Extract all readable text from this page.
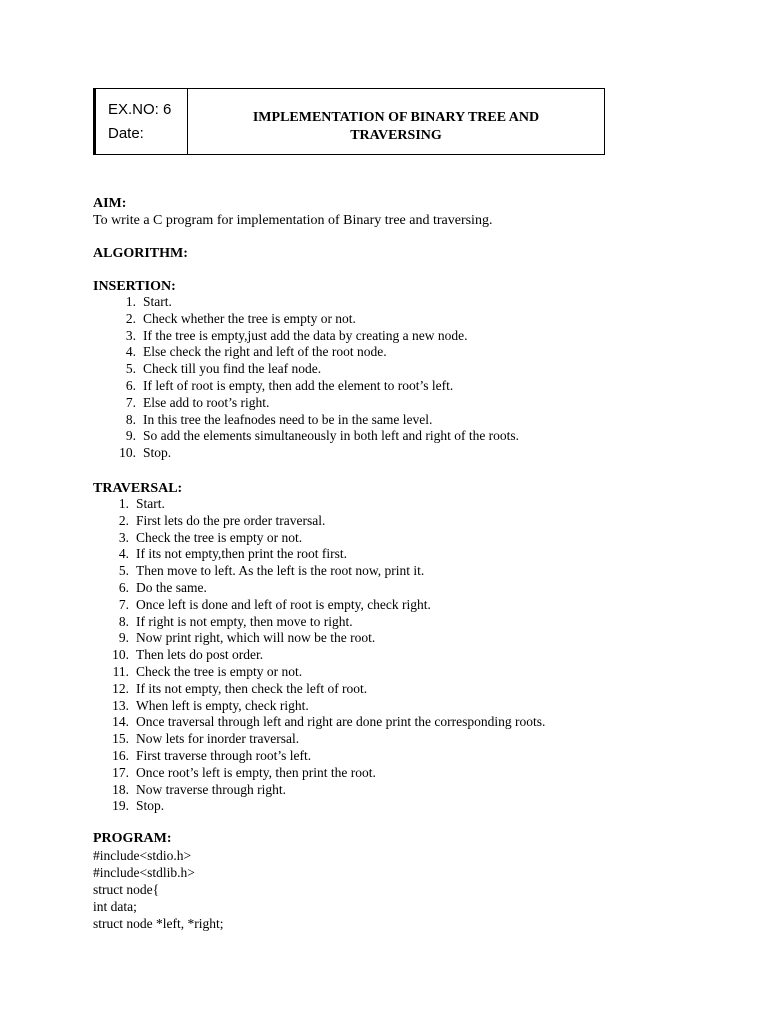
EX.NO: 6
Date:
IMPLEMENTATION OF BINARY TREE AND
TRAVERSING
AIM:
To write a C program for implementation of Binary tree and traversing.
ALGORITHM:
INSERTION:
1. Start.
2. Check whether the tree is empty or not.
3. If the tree is empty,just add the data by creating a new node.
4. Else check the right and left of the root node.
5. Check till you find the leaf node.
6. If left of root is empty, then add the element to root’s left.
7. Else add to root’s right.
8. In this tree the leafnodes need to be in the same level.
9. So add the elements simultaneously in both left and right of the roots.
10. Stop.
TRAVERSAL:
1. Start.
2. First lets do the pre order traversal.
3. Check the tree is empty or not.
4. If its not empty,then print the root first.
5. Then move to left. As the left is the root now, print it.
6. Do the same.
7. Once left is done and left of root is empty, check right.
8. If right is not empty, then move to right.
9. Now print right, which will now be the root.
10. Then lets do post order.
11. Check the tree is empty or not.
12. If its not empty, then check the left of root.
13. When left is empty, check right.
14. Once traversal through left and right are done print the corresponding roots.
15. Now lets for inorder traversal.
16. First traverse through root’s left.
17. Once root’s left is empty, then print the root.
18. Now traverse through right.
19. Stop.
PROGRAM:
#include<stdio.h>
#include<stdlib.h>
struct node{
int data;
struct node *left, *right;
